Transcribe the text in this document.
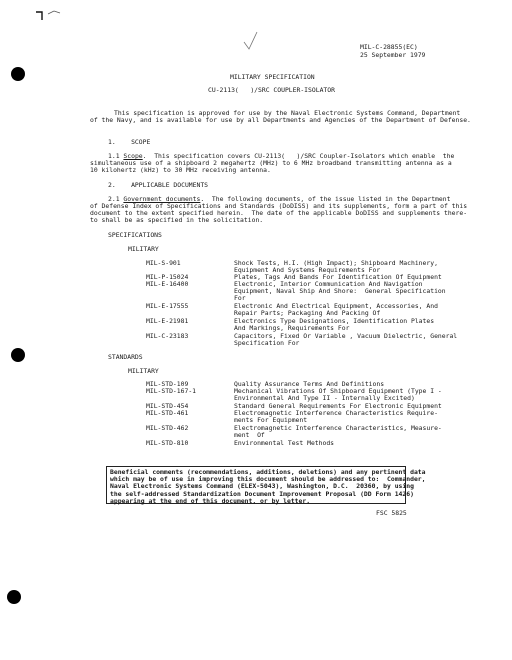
MIL-C-28855(EC)
25 September 1979
MILITARY SPECIFICATION
CU-2113(   )/SRC COUPLER-ISOLATOR
This specification is approved for use by the Naval Electronic Systems Command, Department
of the Navy, and is available for use by all Departments and Agencies of the Department of Defense.
1.    SCOPE
1.1 Scope.  This specification covers CU-2113(   )/SRC Coupler-Isolators which enable  the
simultaneous use of a shipboard 2 megahertz (MHz) to 6 MHz broadband transmitting antenna as a
10 kilohertz (kHz) to 30 MHz receiving antenna.
2.    APPLICABLE DOCUMENTS
2.1 Government documents.  The following documents, of the issue listed in the Department
of Defense Index of Specifications and Standards (DoDISS) and its supplements, form a part of this
document to the extent specified herein.  The date of the applicable DoDISS and supplements there-
to shall be as specified in the solicitation.
SPECIFICATIONS
MILITARY
MIL-S-901	Shock Tests, H.I. (High Impact); Shipboard Machinery,
Equipment And Systems Requirements For
MIL-P-15024	Plates, Tags And Bands For Identification Of Equipment
MIL-E-16400	Electronic, Interior Communication And Navigation
Equipment, Naval Ship And Shore:  General Specification
For
MIL-E-17555	Electronic And Electrical Equipment, Accessories, And
Repair Parts; Packaging And Packing Of
MIL-E-21981	Electronics Type Designations, Identification Plates
And Markings, Requirements For
MIL-C-23183	Capacitors, Fixed Or Variable , Vacuum Dielectric, General
Specification For
STANDARDS
MILITARY
MIL-STD-109	Quality Assurance Terms And Definitions
MIL-STD-167-1	Mechanical Vibrations Of Shipboard Equipment (Type I -
Environmental And Type II - Internally Excited)
MIL-STD-454	Standard General Requirements For Electronic Equipment
MIL-STD-461	Electromagnetic Interference Characteristics Require-
ments For Equipment
MIL-STD-462	Electromagnetic Interference Characteristics, Measure-
ment  Of
MIL-STD-810	Environmental Test Methods
Beneficial comments (recommendations, additions, deletions) and any pertinent data
which may be of use in improving this document should be addressed to:  Commander,
Naval Electronic Systems Command (ELEX-5043), Washington, D.C.  20360, by using
the self-addressed Standardization Document Improvement Proposal (DD Form 1426)
appearing at the end of this document, or by letter.
FSC 5825
